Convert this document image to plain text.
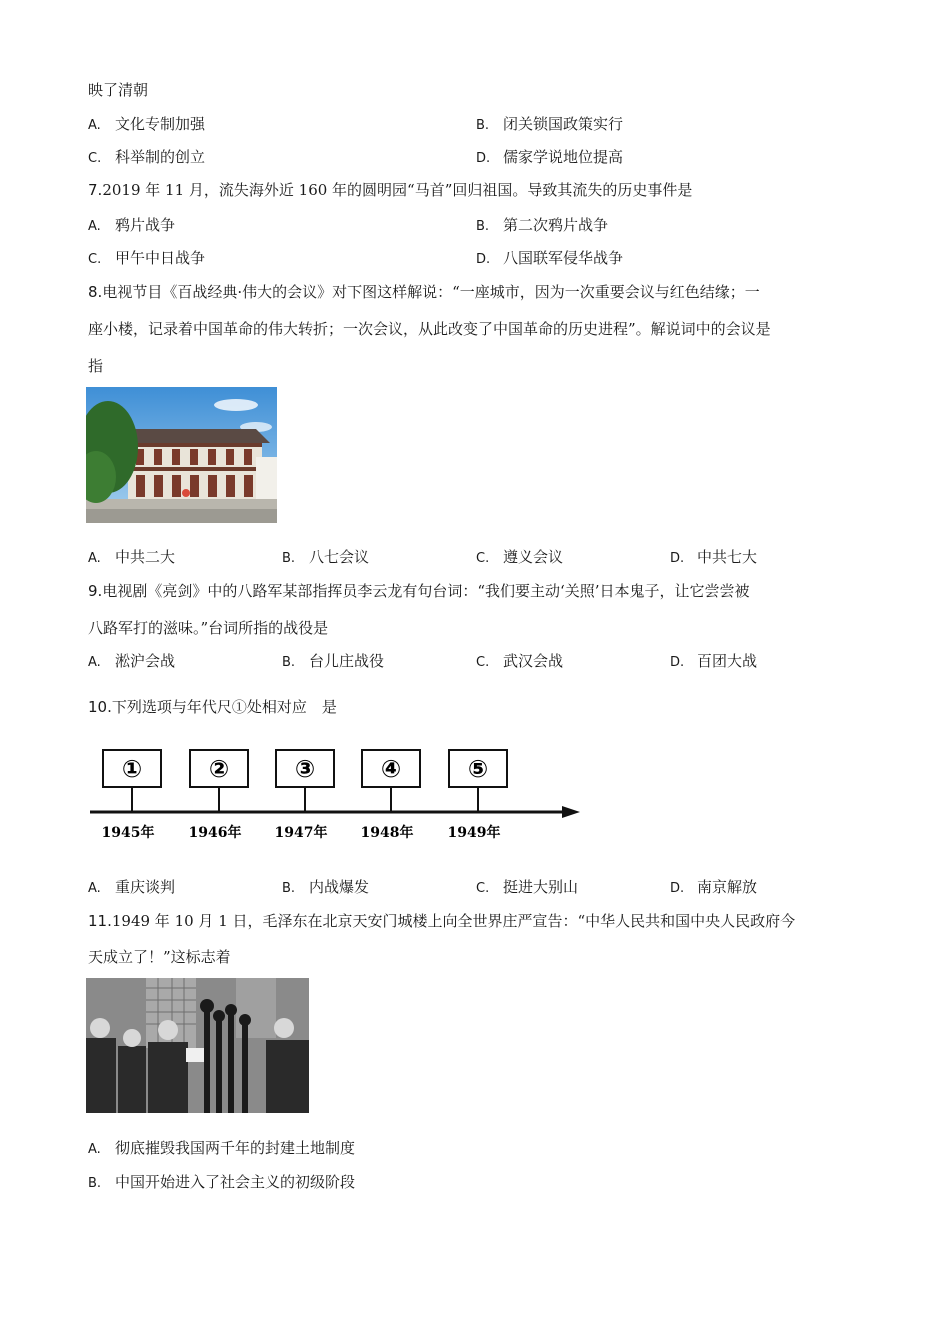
映了清朝
A. 文化专制加强	B. 闭关锁国政策实行
C. 科举制的创立	D. 儒家学说地位提高
7.2019 年 11 月，流失海外近 160 年的圆明园“马首”回归祖国。导致其流失的历史事件是
A. 鸦片战争	B. 第二次鸦片战争
C. 甲午中日战争	D. 八国联军侵华战争
8.电视节目《百战经典·伟大的会议》对下图这样解说：“一座城市，因为一次重要会议与红色结缘；一
座小楼，记录着中国革命的伟大转折；一次会议，从此改变了中国革命的历史进程”。解说词中的会议是
指
A. 中共二大	B. 八七会议	C. 遵义会议	D. 中共七大
9.电视剧《亮剑》中的八路军某部指挥员李云龙有句台词：“我们要主动‘关照’日本鬼子，让它尝尝被
八路军打的滋味。”台词所指的战役是
A. 淞沪会战	B. 台儿庄战役	C. 武汉会战	D. 百团大战
10.下列选项与年代尺①处相对应　是
①	②	③	④	⑤
1945年 1946年 1947年 1948年 1949年
A. 重庆谈判	B. 内战爆发	C. 挺进大别山	D. 南京解放
11.1949 年 10 月 1 日，毛泽东在北京天安门城楼上向全世界庄严宣告：“中华人民共和国中央人民政府今
天成立了！”这标志着
A. 彻底摧毁我国两千年的封建土地制度
B. 中国开始进入了社会主义的初级阶段
